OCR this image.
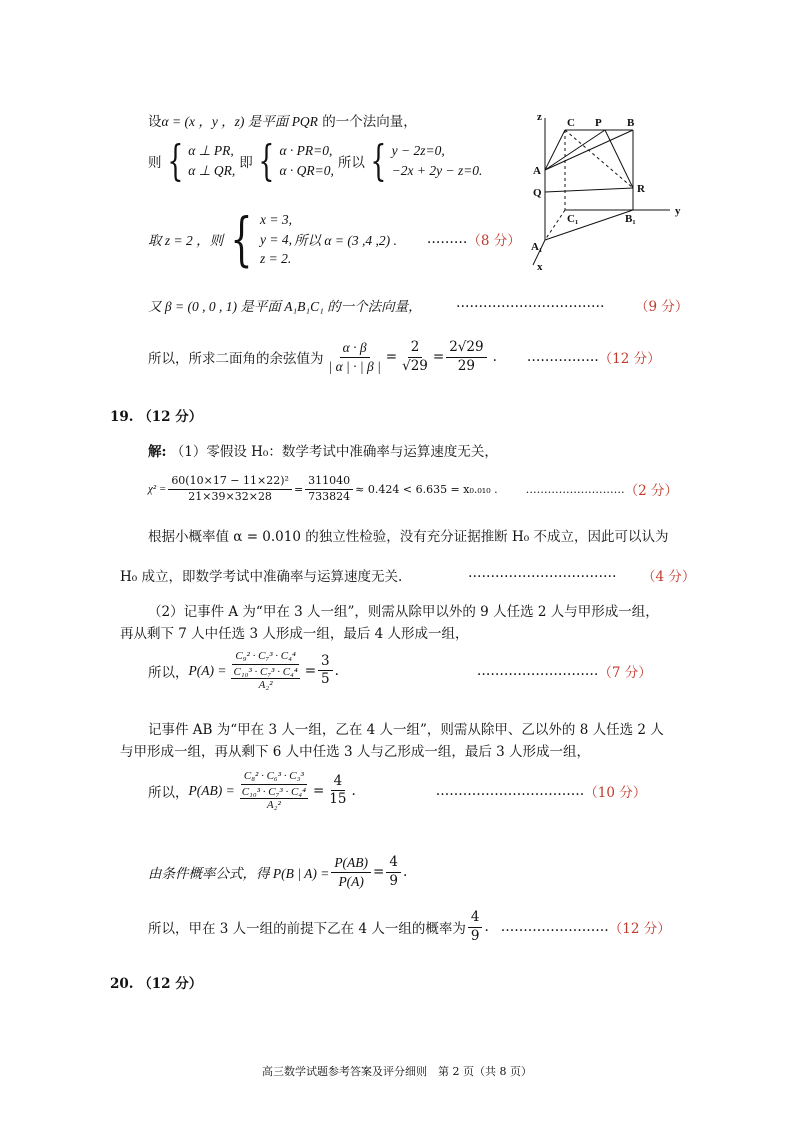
设α = (x ，y ，z) 是平面 PQR 的一个法向量，
则 { α ⊥ PR,
α ⊥ QR, 即 { α · PR=0,
α · QR=0, 所以 { y − 2z=0,
−2x + 2y − z=0.
取 z = 2 ，则 { x = 3,
y = 4,
z = 2.
所以 α = (3 ,4 ,2) . ……… （8 分）
z C P B
A
Q	R
C₁	B₁
y
A₁
x
又 β = (0 , 0 , 1) 是平面 A₁B₁C₁ 的一个法向量，	…………………………… （9 分）
所以，所求二面角的余弦值为 $\frac{\alpha \cdot \beta}{| \alpha | \cdot | \beta |} = \frac{2}{√29} = \frac{2√29}{29}$ . ……………. （12 分）
19. （12 分）
解: （1）零假设 H₀：数学考试中准确率与运算速度无关，
$\chi^2 = \frac{\text{60(10×17 − 11×22)²}}{21\times 39\times 32\times 28} = \frac{311040}{733824} \approx 0.424 < 6.635 = x_0._{010}$ .	……………………… （2 分）
根据小概率值 α = 0.010 的独立性检验，没有充分证据推断 H₀ 不成立，因此可以认为
H₀ 成立，即数学考试中准确率与运算速度无关.	…………………………… （4 分）
（2）记事件 A 为“甲在 3 人一组”，则需从除甲以外的 9 人任选 2 人与甲形成一组，
再从剩下 7 人中任选 3 人形成一组，最后 4 人形成一组，
所以， P(A) = C₉² · C₇³ · C₄⁴
C₁₀³ · C₇³ · C₄⁴
$A_2^2 = \frac{3}{5}$ .	……………………… （7 分）
记事件 AB 为“甲在 3 人一组，乙在 4 人一组”，则需从除甲、乙以外的 8 人任选 2 人
与甲形成一组，再从剩下 6 人中任选 3 人与乙形成一组，最后 3 人形成一组，
所以， P(AB) = C₈² · C₆³ · C₃³
C₁₀³ · C₇³ · C₄⁴
$A_2^2 = \frac{4}{15}$ .	…………………………… （10 分）
由条件概率公式，得 P(B | $A) = \frac{P(AB)}{P(A)} = \frac{4}{9}$ .
所以，甲在 3 人一组的前提下乙在 4 人一组的概率为 $\frac{4}{9}$ . …………………… （12 分）
20. （12 分）
高三数学试题参考答案及评分细则　第 2 页（共 8 页）
